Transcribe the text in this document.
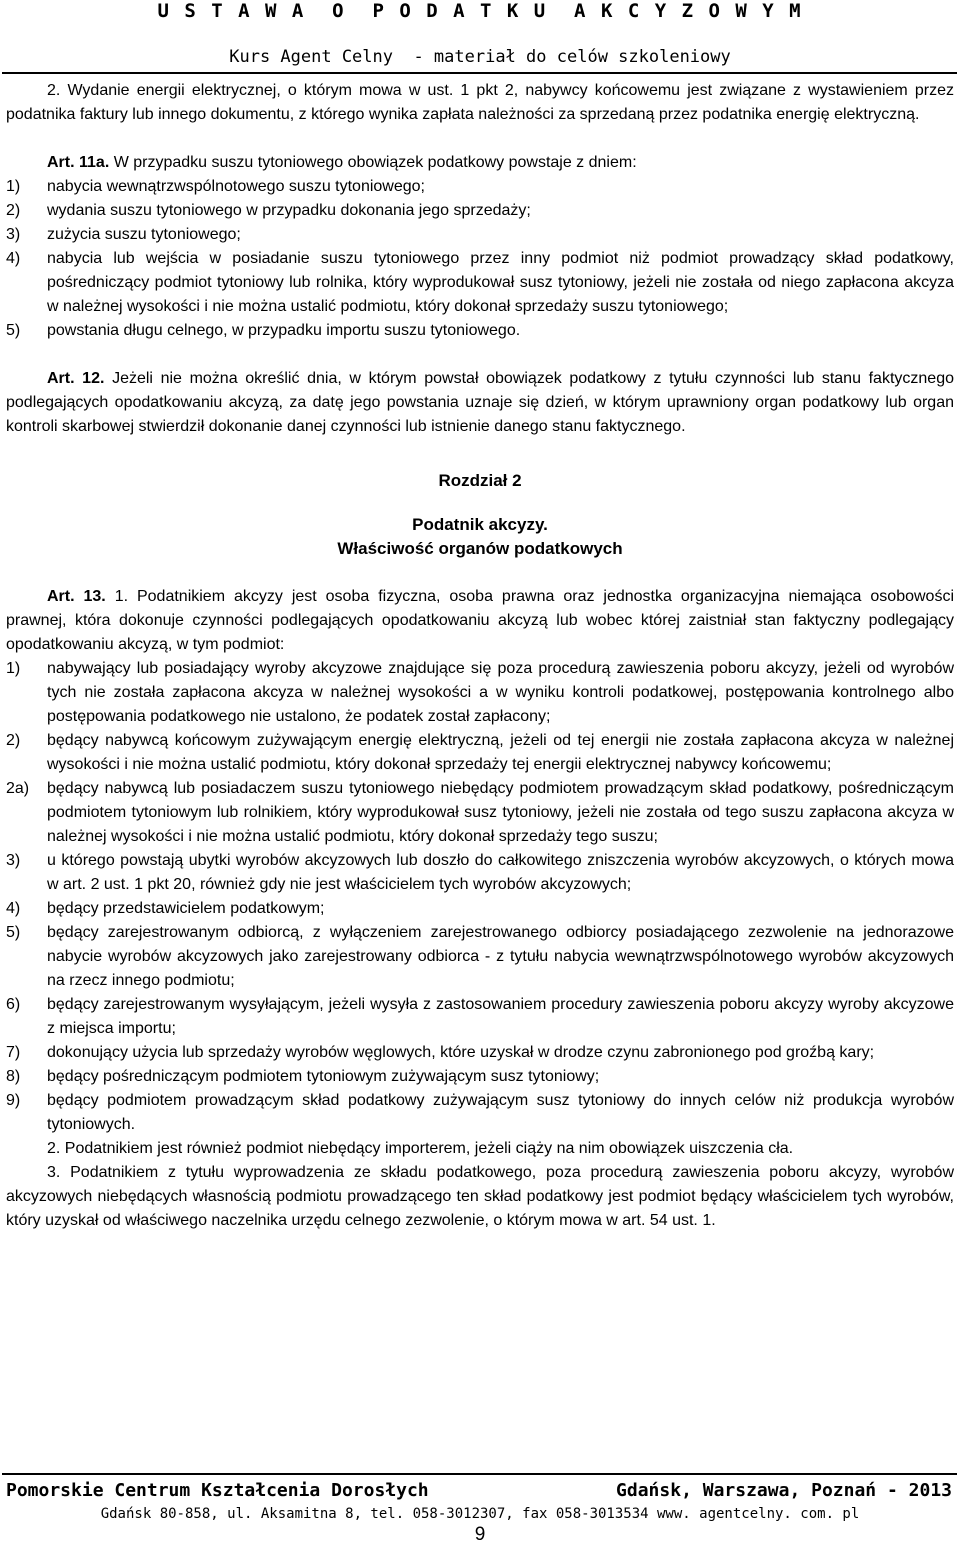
U S T A W A  O  P O D A T K U  A K C Y Z O W Y M
Kurs Agent Celny  - materiał do celów szkoleniowy

2. Wydanie energii elektrycznej, o którym mowa w ust. 1 pkt 2, nabywcy końcowemu jest związane z wystawieniem przez podatnika faktury lub innego dokumentu, z którego wynika zapłata należności za sprzedaną przez podatnika energię elektryczną.

Art. 11a. W przypadku suszu tytoniowego obowiązek podatkowy powstaje z dniem:

1)	nabycia wewnątrzwspólnotowego suszu tytoniowego;
2)	wydania suszu tytoniowego w przypadku dokonania jego sprzedaży;
3)	zużycia suszu tytoniowego;
4)	nabycia lub wejścia w posiadanie suszu tytoniowego przez inny podmiot niż podmiot prowadzący skład podatkowy, pośredniczący podmiot tytoniowy lub rolnika, który wyprodukował susz tytoniowy, jeżeli nie została od niego zapłacona akcyza w należnej wysokości i nie można ustalić podmiotu, który dokonał sprzedaży suszu tytoniowego;
5)	powstania długu celnego, w przypadku importu suszu tytoniowego.

Art. 12. Jeżeli nie można określić dnia, w którym powstał obowiązek podatkowy z tytułu czynności lub stanu faktycznego podlegających opodatkowaniu akcyzą, za datę jego powstania uznaje się dzień, w którym uprawniony organ podatkowy lub organ kontroli skarbowej stwierdził dokonanie danej czynności lub istnienie danego stanu faktycznego.

Rozdział 2

Podatnik akcyzy.

Właściwość organów podatkowych

Art. 13. 1. Podatnikiem akcyzy jest osoba fizyczna, osoba prawna oraz jednostka organizacyjna niemająca osobowości prawnej, która dokonuje czynności podlegających opodatkowaniu akcyzą lub wobec której zaistniał stan faktyczny podlegający opodatkowaniu akcyzą, w tym podmiot:

1)	nabywający lub posiadający wyroby akcyzowe znajdujące się poza procedurą zawieszenia poboru akcyzy, jeżeli od wyrobów tych nie została zapłacona akcyza w należnej wysokości a w wyniku kontroli podatkowej, postępowania kontrolnego albo postępowania podatkowego nie ustalono, że podatek został zapłacony;
2)	będący nabywcą końcowym zużywającym energię elektryczną, jeżeli od tej energii nie została zapłacona akcyza w należnej wysokości i nie można ustalić podmiotu, który dokonał sprzedaży tej energii elektrycznej nabywcy końcowemu;
2a)	będący nabywcą lub posiadaczem suszu tytoniowego niebędący podmiotem prowadzącym skład podatkowy, pośredniczącym podmiotem tytoniowym lub rolnikiem, który wyprodukował susz tytoniowy, jeżeli nie została od tego suszu zapłacona akcyza w należnej wysokości i nie można ustalić podmiotu, który dokonał sprzedaży tego suszu;
3)	u którego powstają ubytki wyrobów akcyzowych lub doszło do całkowitego zniszczenia wyrobów akcyzowych, o których mowa w art. 2 ust. 1 pkt 20, również gdy nie jest właścicielem tych wyrobów akcyzowych;
4)	będący przedstawicielem podatkowym;
5)	będący zarejestrowanym odbiorcą, z wyłączeniem zarejestrowanego odbiorcy posiadającego zezwolenie na jednorazowe nabycie wyrobów akcyzowych jako zarejestrowany odbiorca - z tytułu nabycia wewnątrzwspólnotowego wyrobów akcyzowych na rzecz innego podmiotu;
6)	będący zarejestrowanym wysyłającym, jeżeli wysyła z zastosowaniem procedury zawieszenia poboru akcyzy wyroby akcyzowe z miejsca importu;
7)	dokonujący użycia lub sprzedaży wyrobów węglowych, które uzyskał w drodze czynu zabronionego pod groźbą kary;
8)	będący pośredniczącym podmiotem tytoniowym zużywającym susz tytoniowy;
9)	będący podmiotem prowadzącym skład podatkowy zużywającym susz tytoniowy do innych celów niż produkcja wyrobów tytoniowych.

2. Podatnikiem jest również podmiot niebędący importerem, jeżeli ciąży na nim obowiązek uiszczenia cła.

3. Podatnikiem z tytułu wyprowadzenia ze składu podatkowego, poza procedurą zawieszenia poboru akcyzy, wyrobów akcyzowych niebędących własnością podmiotu prowadzącego ten skład podatkowy jest podmiot będący właścicielem tych wyrobów, który uzyskał od właściwego naczelnika urzędu celnego zezwolenie, o którym mowa w art. 54 ust. 1.

Pomorskie Centrum Kształcenia Dorosłych	Gdańsk, Warszawa, Poznań - 2013
Gdańsk 80-858, ul. Aksamitna 8, tel. 058-3012307, fax 058-3013534 www. agentcelny. com. pl
9
